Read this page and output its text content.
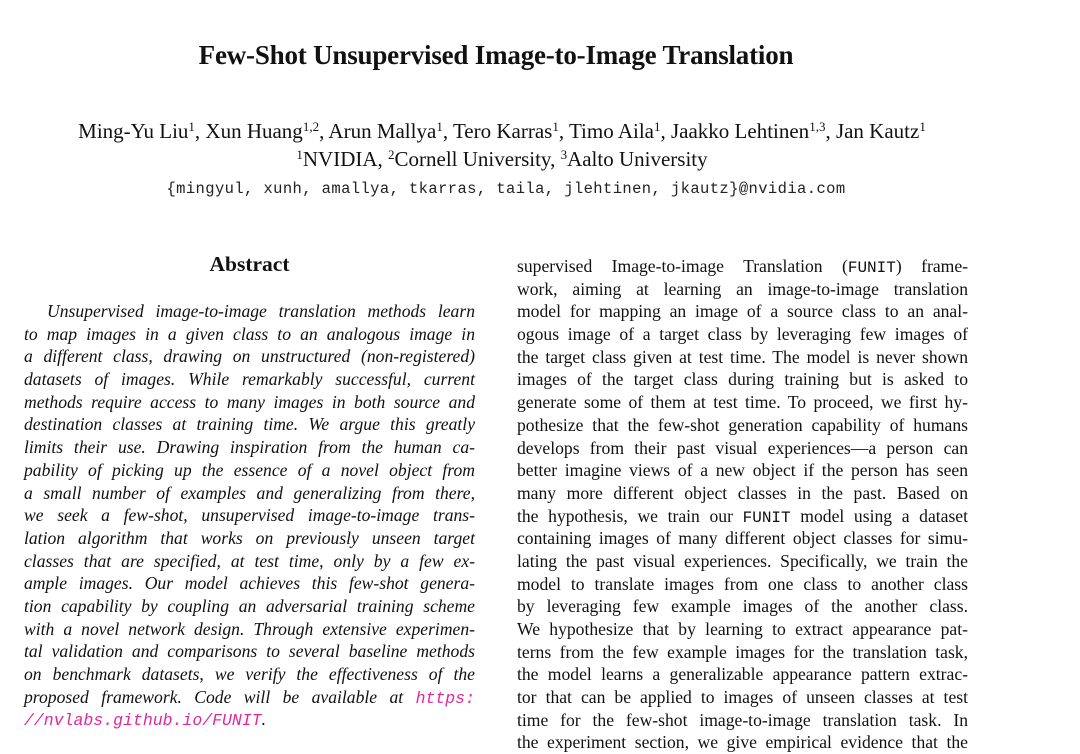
Few-Shot Unsupervised Image-to-Image Translation
Ming-Yu Liu$^1$, Xun Huang$^{1,2}$, Arun Mallya$^1$, Tero Karras$^1$, Timo Aila$^1$, Jaakko Lehtinen$^{1,3}$, Jan Kautz$^1$
$^1$NVIDIA, $^2$Cornell University, $^3$Aalto University
{mingyul, xunh, amallya, tkarras, taila, jlehtinen, jkautz}@nvidia.com
Abstract
Unsupervised image-to-image translation methods learn
to map images in a given class to an analogous image in
a different class, drawing on unstructured (non-registered)
datasets of images. While remarkably successful, current
methods require access to many images in both source and
destination classes at training time. We argue this greatly
limits their use. Drawing inspiration from the human ca-
pability of picking up the essence of a novel object from
a small number of examples and generalizing from there,
we seek a few-shot, unsupervised image-to-image trans-
lation algorithm that works on previously unseen target
classes that are specified, at test time, only by a few ex-
ample images. Our model achieves this few-shot genera-
tion capability by coupling an adversarial training scheme
with a novel network design. Through extensive experimen-
tal validation and comparisons to several baseline methods
on benchmark datasets, we verify the effectiveness of the
proposed framework. Code will be available at https:
//nvlabs.github.io/FUNIT.
supervised Image-to-image Translation (FUNIT) frame-
work, aiming at learning an image-to-image translation
model for mapping an image of a source class to an anal-
ogous image of a target class by leveraging few images of
the target class given at test time. The model is never shown
images of the target class during training but is asked to
generate some of them at test time. To proceed, we first hy-
pothesize that the few-shot generation capability of humans
develops from their past visual experiences—a person can
better imagine views of a new object if the person has seen
many more different object classes in the past. Based on
the hypothesis, we train our FUNIT model using a dataset
containing images of many different object classes for simu-
lating the past visual experiences. Specifically, we train the
model to translate images from one class to another class
by leveraging few example images of the another class.
We hypothesize that by learning to extract appearance pat-
terns from the few example images for the translation task,
the model learns a generalizable appearance pattern extrac-
tor that can be applied to images of unseen classes at test
time for the few-shot image-to-image translation task. In
the experiment section, we give empirical evidence that the
